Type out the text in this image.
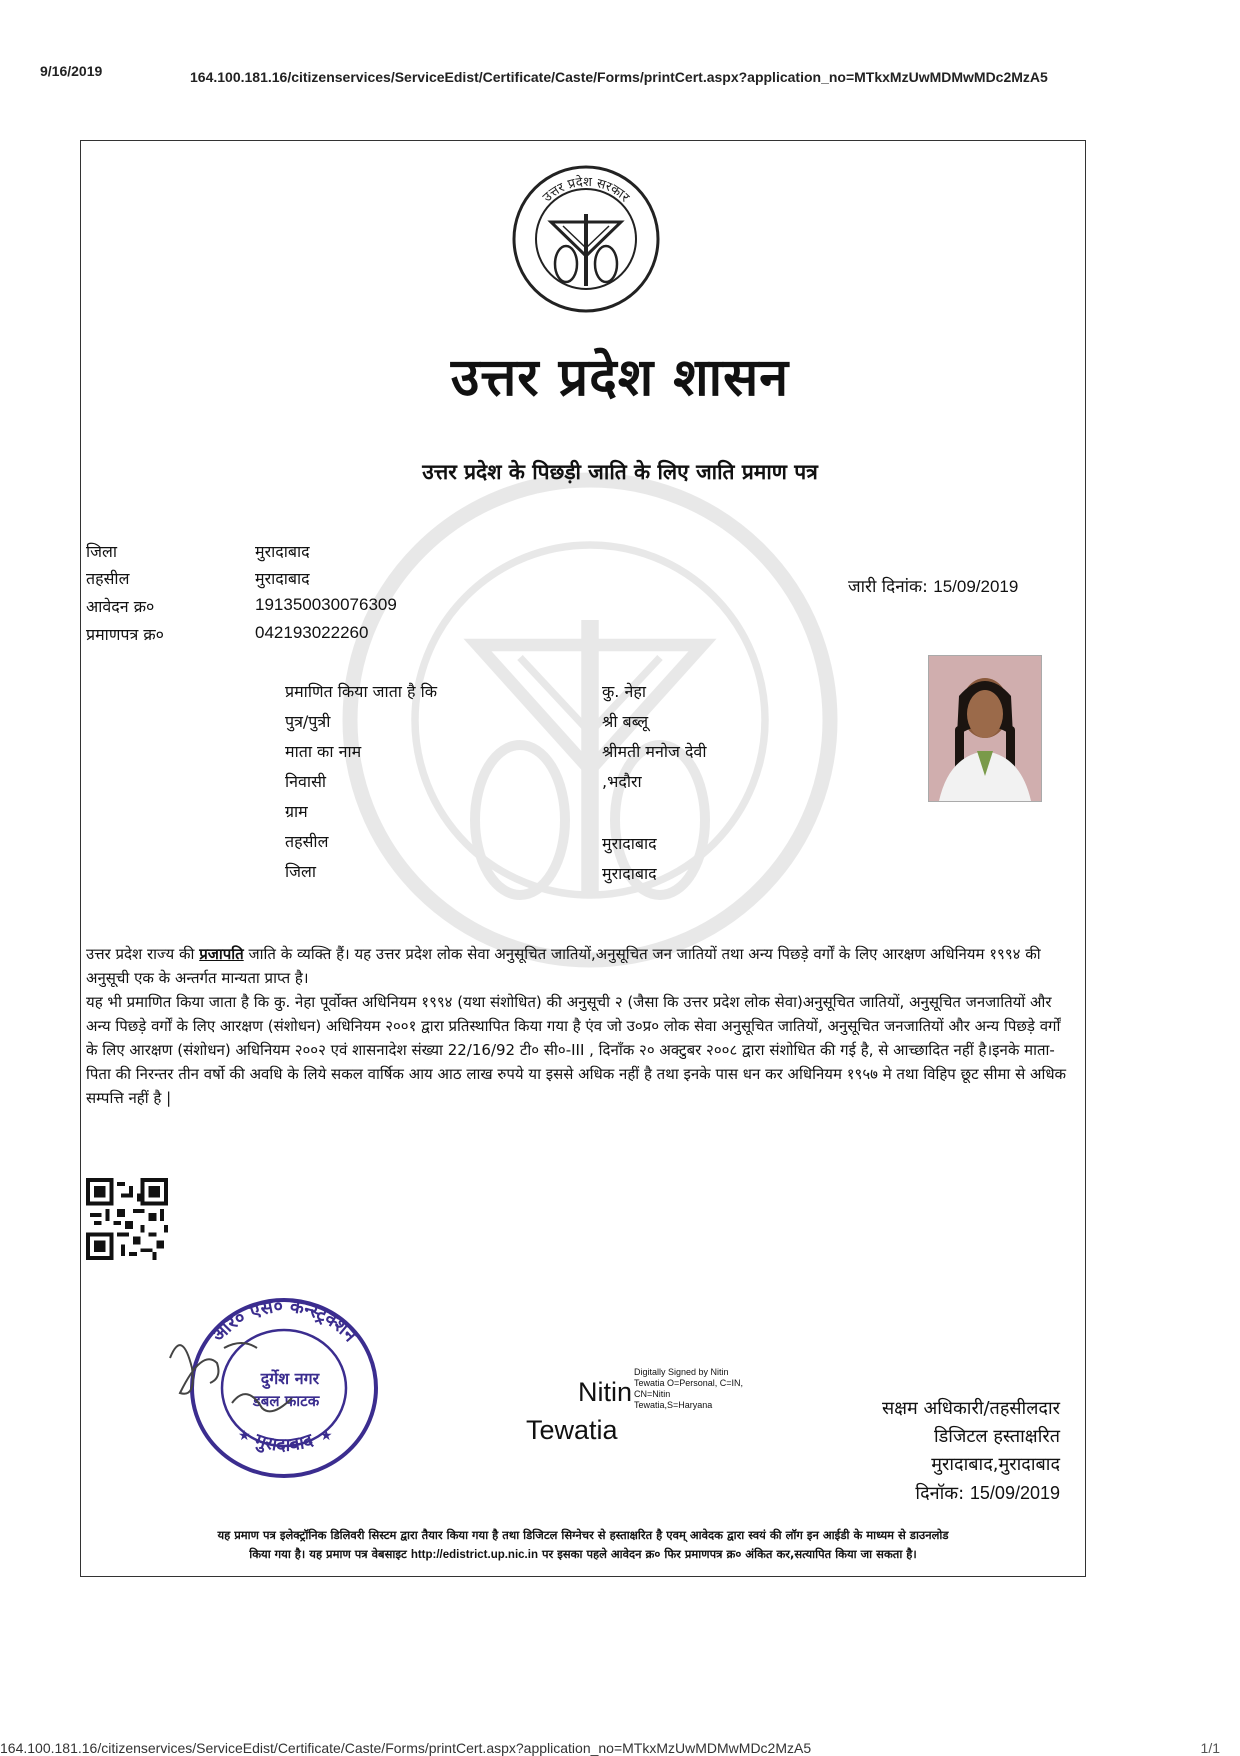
9/16/2019	164.100.181.16/citizenservices/ServiceEdist/Certificate/Caste/Forms/printCert.aspx?application_no=MTkxMzUwMDMwMDc2MzA5
उत्तर प्रदेश सरकार
उत्तर प्रदेश शासन
उत्तर प्रदेश के पिछड़ी जाति के लिए जाति प्रमाण पत्र
जिला	मुरादाबाद
तहसील	मुरादाबाद
आवेदन क्र०	191350030076309
प्रमाणपत्र क्र०	042193022260
जारी दिनांक: 15/09/2019
प्रमाणित किया जाता है कि	कु. नेहा
पुत्र/पुत्री	श्री बब्लू
माता का नाम	श्रीमती मनोज देवी
निवासी	,भदौरा
ग्राम
तहसील	मुरादाबाद
जिला	मुरादाबाद

उत्तर प्रदेश राज्य की प्रजापति जाति के व्यक्ति हैं। यह उत्तर प्रदेश लोक सेवा अनुसूचित जातियों,अनुसूचित जन जातियों तथा अन्य पिछड़े वर्गों के लिए आरक्षण अधिनियम १९९४ की अनुसूची एक के अन्तर्गत मान्यता प्राप्त है।

यह भी प्रमाणित किया जाता है कि कु. नेहा पूर्वोक्त अधिनियम १९९४ (यथा संशोधित) की अनुसूची २ (जैसा कि उत्तर प्रदेश लोक सेवा)अनुसूचित जातियों, अनुसूचित जनजातियों और अन्य पिछड़े वर्गों के लिए आरक्षण (संशोधन) अधिनियम २००१ द्वारा प्रतिस्थापित किया गया है एंव जो उ०प्र० लोक सेवा अनुसूचित जातियों, अनुसूचित जनजातियों और अन्य पिछड़े वर्गों के लिए आरक्षण (संशोधन) अधिनियम २००२ एवं शासनादेश संख्या 22/16/92 टी० सी०-III , दिनाँक २० अक्टुबर २००८ द्वारा संशोधित की गई है, से आच्छादित नहीं है।इनके माता-पिता की निरन्तर तीन वर्षो की अवधि के लिये सकल वार्षिक आय आठ लाख रुपये या इससे अधिक नहीं है तथा इनके पास धन कर अधिनियम १९५७ मे तथा विहिप छूट सीमा से अधिक सम्पत्ति नहीं है |

आर० एस० कन्स्ट्रक्शन
मुरादाबाद
दुर्गेश नगर
डबल फाटक
★	★
Nitin
Tewatia
Digitally Signed by Nitin
Tewatia O=Personal, C=IN,
CN=Nitin
Tewatia,S=Haryana	सक्षम अधिकारी/तहसीलदार
डिजिटल हस्ताक्षरित
मुरादाबाद,मुरादाबाद
दिनॉक: 15/09/2019
यह प्रमाण पत्र इलेक्ट्रॉनिक डिलिवरी सिस्टम द्वारा तैयार किया गया है तथा डिजिटल सिग्नेचर से हस्ताक्षरित है एवम् आवेदक द्वारा स्वयं की लॉग इन आईडी के माध्यम से डाउनलोड
किया गया है। यह प्रमाण पत्र वेबसाइट http://edistrict.up.nic.in पर इसका पहले आवेदन क्र० फिर प्रमाणपत्र क्र० अंकित कर,सत्यापित किया जा सकता है।
164.100.181.16/citizenservices/ServiceEdist/Certificate/Caste/Forms/printCert.aspx?application_no=MTkxMzUwMDMwMDc2MzA5	1/1
